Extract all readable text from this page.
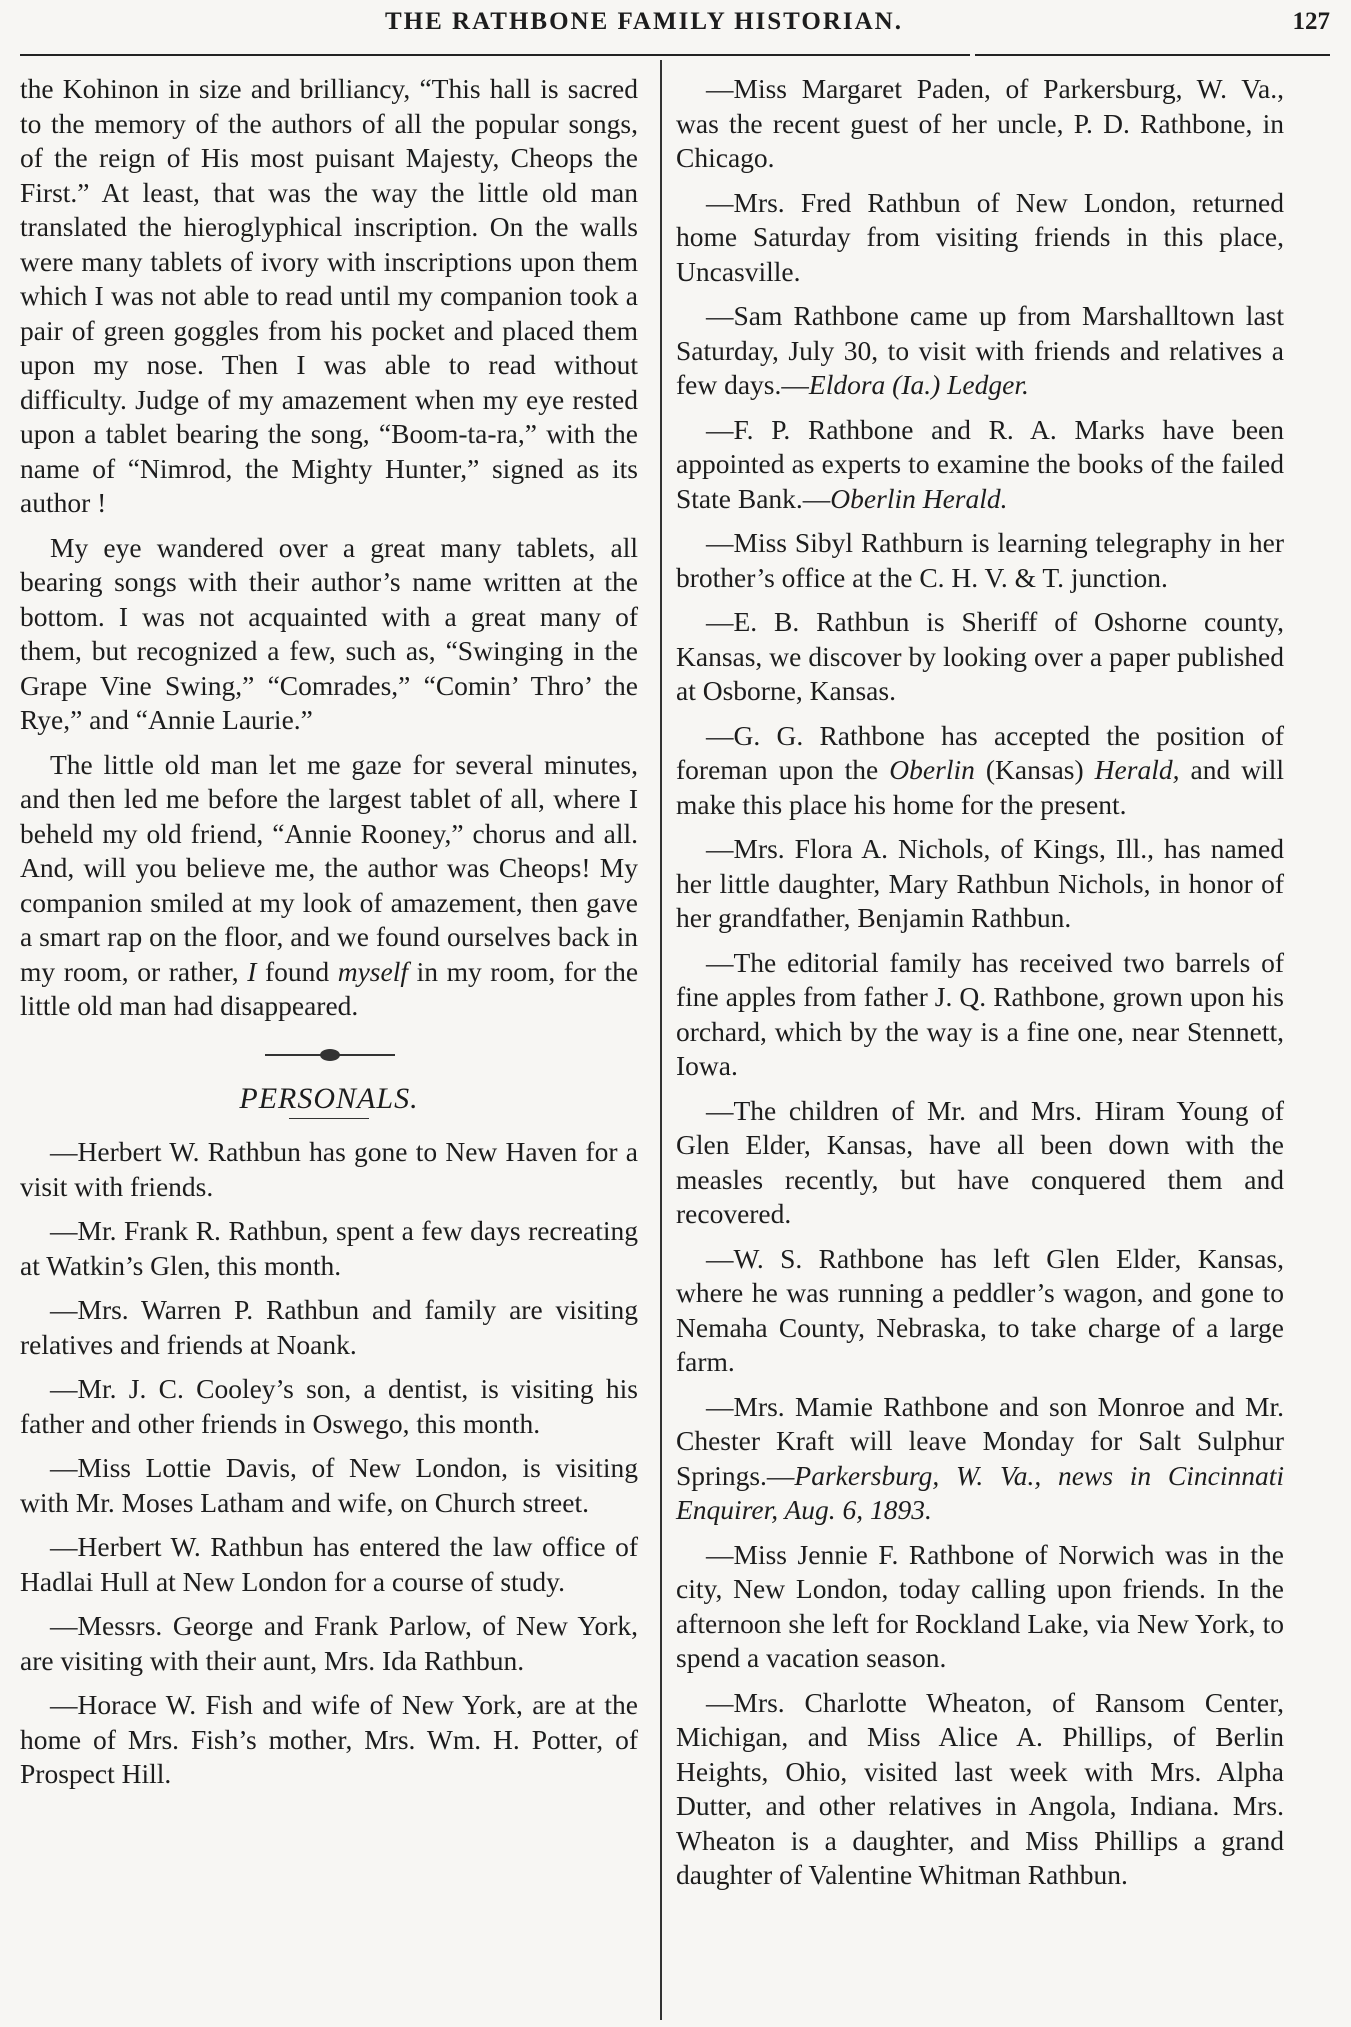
THE RATHBONE FAMILY HISTORIAN.	127

the Kohinon in size and brilliancy, “This hall is sacred to the memory of the authors of all the popular songs, of the reign of His most puisant Majesty, Cheops the First.” At least, that was the way the little old man translated the hieroglyphical inscription. On the walls were many tablets of ivory with inscriptions upon them which I was not able to read until my companion took a pair of green goggles from his pocket and placed them upon my nose. Then I was able to read without difficulty. Judge of my amazement when my eye rested upon a tablet bearing the song, “Boom-ta-ra,” with the name of “Nimrod, the Mighty Hunter,” signed as its author !

My eye wandered over a great many tablets, all bearing songs with their author’s name written at the bottom. I was not acquainted with a great many of them, but recognized a few, such as, “Swinging in the Grape Vine Swing,” “Comrades,” “Comin’ Thro’ the Rye,” and “Annie Laurie.”

The little old man let me gaze for several minutes, and then led me before the largest tablet of all, where I beheld my old friend, “Annie Rooney,” chorus and all. And, will you believe me, the author was Cheops! My companion smiled at my look of amazement, then gave a smart rap on the floor, and we found ourselves back in my room, or rather, I found myself in my room, for the little old man had disappeared.

PERSONALS.

—Herbert W. Rathbun has gone to New Haven for a visit with friends.

—Mr. Frank R. Rathbun, spent a few days recreating at Watkin’s Glen, this month.

—Mrs. Warren P. Rathbun and family are visiting relatives and friends at Noank.

—Mr. J. C. Cooley’s son, a dentist, is visiting his father and other friends in Oswego, this month.

—Miss Lottie Davis, of New London, is visiting with Mr. Moses Latham and wife, on Church street.

—Herbert W. Rathbun has entered the law office of Hadlai Hull at New London for a course of study.

—Messrs. George and Frank Parlow, of New York, are visiting with their aunt, Mrs. Ida Rathbun.

—Horace W. Fish and wife of New York, are at the home of Mrs. Fish’s mother, Mrs. Wm. H. Potter, of Prospect Hill.

—Miss Margaret Paden, of Parkersburg, W. Va., was the recent guest of her uncle, P. D. Rathbone, in Chicago.

—Mrs. Fred Rathbun of New London, returned home Saturday from visiting friends in this place, Uncasville.

—Sam Rathbone came up from Marshalltown last Saturday, July 30, to visit with friends and relatives a few days.—Eldora (Ia.) Ledger.

—F. P. Rathbone and R. A. Marks have been appointed as experts to examine the books of the failed State Bank.—Oberlin Herald.

—Miss Sibyl Rathburn is learning telegraphy in her brother’s office at the C. H. V. & T. junction.

—E. B. Rathbun is Sheriff of Oshorne county, Kansas, we discover by looking over a paper published at Osborne, Kansas.

—G. G. Rathbone has accepted the position of foreman upon the Oberlin (Kansas) Herald, and will make this place his home for the present.

—Mrs. Flora A. Nichols, of Kings, Ill., has named her little daughter, Mary Rathbun Nichols, in honor of her grandfather, Benjamin Rathbun.

—The editorial family has received two barrels of fine apples from father J. Q. Rathbone, grown upon his orchard, which by the way is a fine one, near Stennett, Iowa.

—The children of Mr. and Mrs. Hiram Young of Glen Elder, Kansas, have all been down with the measles recently, but have conquered them and recovered.

—W. S. Rathbone has left Glen Elder, Kansas, where he was running a peddler’s wagon, and gone to Nemaha County, Nebraska, to take charge of a large farm.

—Mrs. Mamie Rathbone and son Monroe and Mr. Chester Kraft will leave Monday for Salt Sulphur Springs.—Parkersburg, W. Va., news in Cincinnati Enquirer, Aug. 6, 1893.

—Miss Jennie F. Rathbone of Norwich was in the city, New London, today calling upon friends. In the afternoon she left for Rockland Lake, via New York, to spend a vacation season.

—Mrs. Charlotte Wheaton, of Ransom Center, Michigan, and Miss Alice A. Phillips, of Berlin Heights, Ohio, visited last week with Mrs. Alpha Dutter, and other relatives in Angola, Indiana. Mrs. Wheaton is a daughter, and Miss Phillips a grand daughter of Valentine Whitman Rathbun.
